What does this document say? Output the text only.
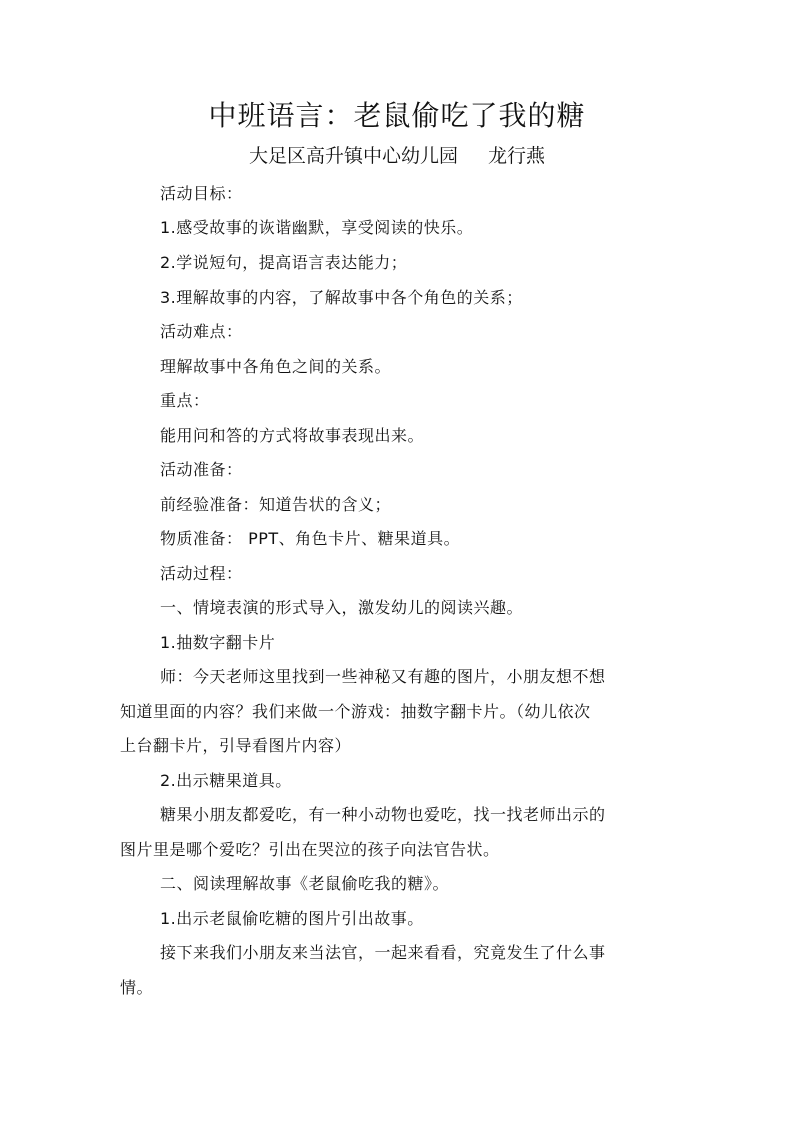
中班语言：老鼠偷吃了我的糖
大足区高升镇中心幼儿园 龙行燕
活动目标：
1.感受故事的诙谐幽默，享受阅读的快乐。
2.学说短句，提高语言表达能力；
3.理解故事的内容，了解故事中各个角色的关系；
活动难点：
理解故事中各角色之间的关系。
重点：
能用问和答的方式将故事表现出来。
活动准备：
前经验准备：知道告状的含义；
物质准备： PPT、角色卡片、糖果道具。
活动过程：
一、情境表演的形式导入，激发幼儿的阅读兴趣。
1.抽数字翻卡片
师：今天老师这里找到一些神秘又有趣的图片，小朋友想不想
知道里面的内容？我们来做一个游戏：抽数字翻卡片。（幼儿依次
上台翻卡片，引导看图片内容）
2.出示糖果道具。
糖果小朋友都爱吃，有一种小动物也爱吃，找一找老师出示的
图片里是哪个爱吃？引出在哭泣的孩子向法官告状。
二、阅读理解故事《老鼠偷吃我的糖》。
1.出示老鼠偷吃糖的图片引出故事。
接下来我们小朋友来当法官，一起来看看，究竟发生了什么事
情。
